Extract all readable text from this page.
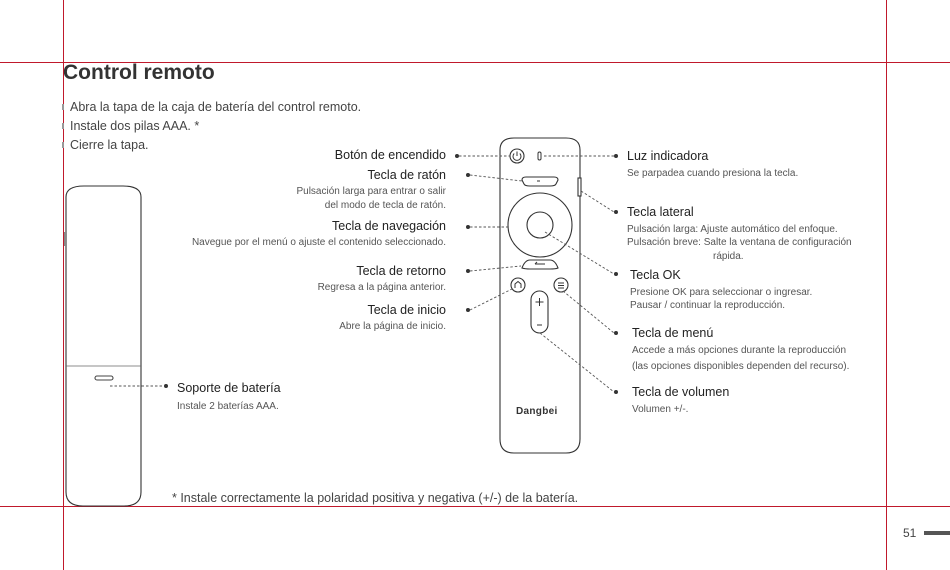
Control remoto
Abra la tapa de la caja de batería del control remoto.
Instale dos pilas AAA. *
Cierre la tapa.
Dangbei
Botón de encendido
Tecla de ratón
Pulsación larga para entrar o salir
del modo de tecla de ratón.
Tecla de navegación
Navegue por el menú o ajuste el contenido seleccionado.
Tecla de retorno
Regresa a la página anterior.
Tecla de inicio
Abre la página de inicio.
Luz indicadora
Se parpadea cuando presiona la tecla.
Tecla lateral
Pulsación larga: Ajuste automático del enfoque.
Pulsación breve: Salte la ventana de configuración
rápida.
Tecla OK
Presione OK para seleccionar o ingresar.
Pausar / continuar la reproducción.
Tecla de menú
Accede a más opciones durante la reproducción
(las opciones disponibles dependen del recurso).
Tecla de volumen
Volumen +/-.
Soporte de batería
Instale 2 baterías AAA.
* Instale correctamente la polaridad positiva y negativa (+/-) de la batería.
51
